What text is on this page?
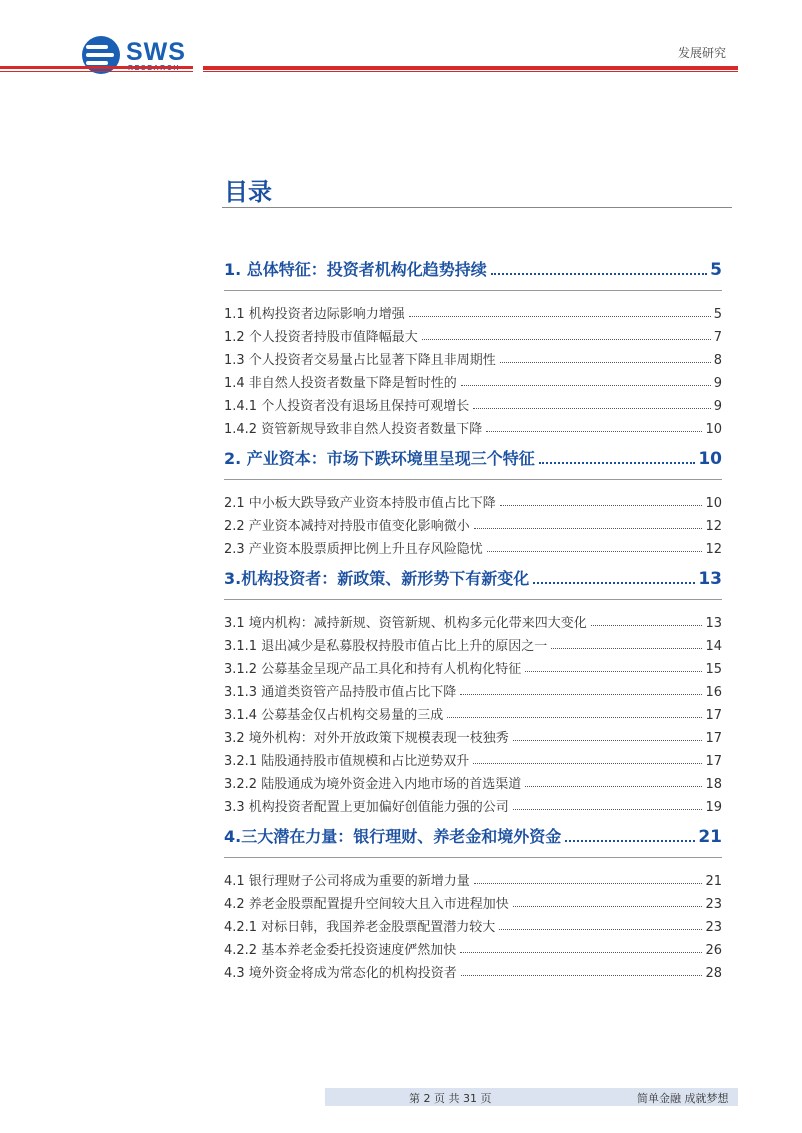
SWS	发展研究
目录
1. 总体特征：投资者机构化趋势持续	5
1.1 机构投资者边际影响力增强	5
1.2 个人投资者持股市值降幅最大	7
1.3 个人投资者交易量占比显著下降且非周期性	8
1.4 非自然人投资者数量下降是暂时性的	9
1.4.1 个人投资者没有退场且保持可观增长	9
1.4.2 资管新规导致非自然人投资者数量下降	10
2. 产业资本：市场下跌环境里呈现三个特征	10
2.1 中小板大跌导致产业资本持股市值占比下降	10
2.2 产业资本减持对持股市值变化影响微小	12
2.3 产业资本股票质押比例上升且存风险隐忧	12
3.机构投资者：新政策、新形势下有新变化	13
3.1 境内机构：减持新规、资管新规、机构多元化带来四大变化	13
3.1.1 退出减少是私募股权持股市值占比上升的原因之一	14
3.1.2 公募基金呈现产品工具化和持有人机构化特征	15
3.1.3 通道类资管产品持股市值占比下降	16
3.1.4 公募基金仅占机构交易量的三成	17
3.2 境外机构：对外开放政策下规模表现一枝独秀	17
3.2.1 陆股通持股市值规模和占比逆势双升	17
3.2.2 陆股通成为境外资金进入内地市场的首选渠道	18
3.3 机构投资者配置上更加偏好创值能力强的公司	19
4.三大潜在力量：银行理财、养老金和境外资金	21
4.1 银行理财子公司将成为重要的新增力量	21
4.2 养老金股票配置提升空间较大且入市进程加快	23
4.2.1 对标日韩，我国养老金股票配置潜力较大	23
4.2.2 基本养老金委托投资速度俨然加快	26
4.3 境外资金将成为常态化的机构投资者	28
第 2 页 共 31 页	简单金融 成就梦想
